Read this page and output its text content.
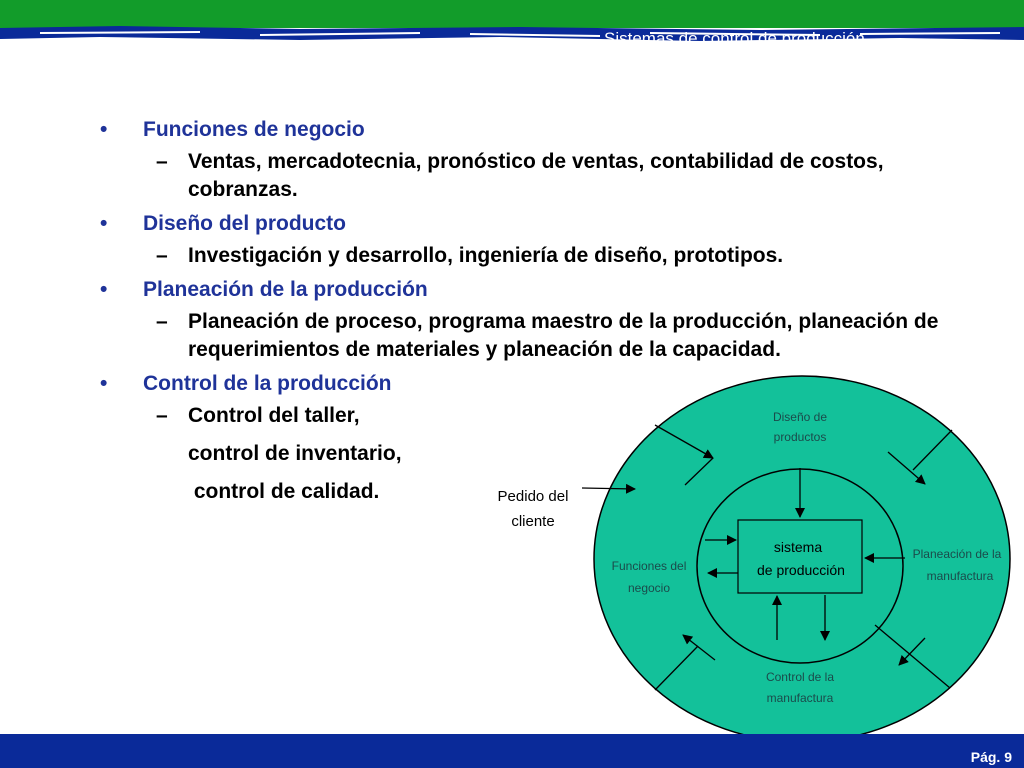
Sistemas de control de producción
• Funciones de negocio
– Ventas, mercadotecnia, pronóstico de ventas, contabilidad de costos,
cobranzas.
• Diseño del producto
– Investigación y desarrollo, ingeniería de diseño, prototipos.
• Planeación de la producción
– Planeación de proceso, programa maestro de la producción, planeación de
requerimientos de materiales y planeación de la capacidad.
• Control de la producción
– Control del taller,
control de inventario,
control de calidad.
sistema
de producción
Diseño de
productos
Funciones del
negocio
Planeación de la
manufactura
Control de la
manufactura
Pedido del
cliente
Pág. 9
